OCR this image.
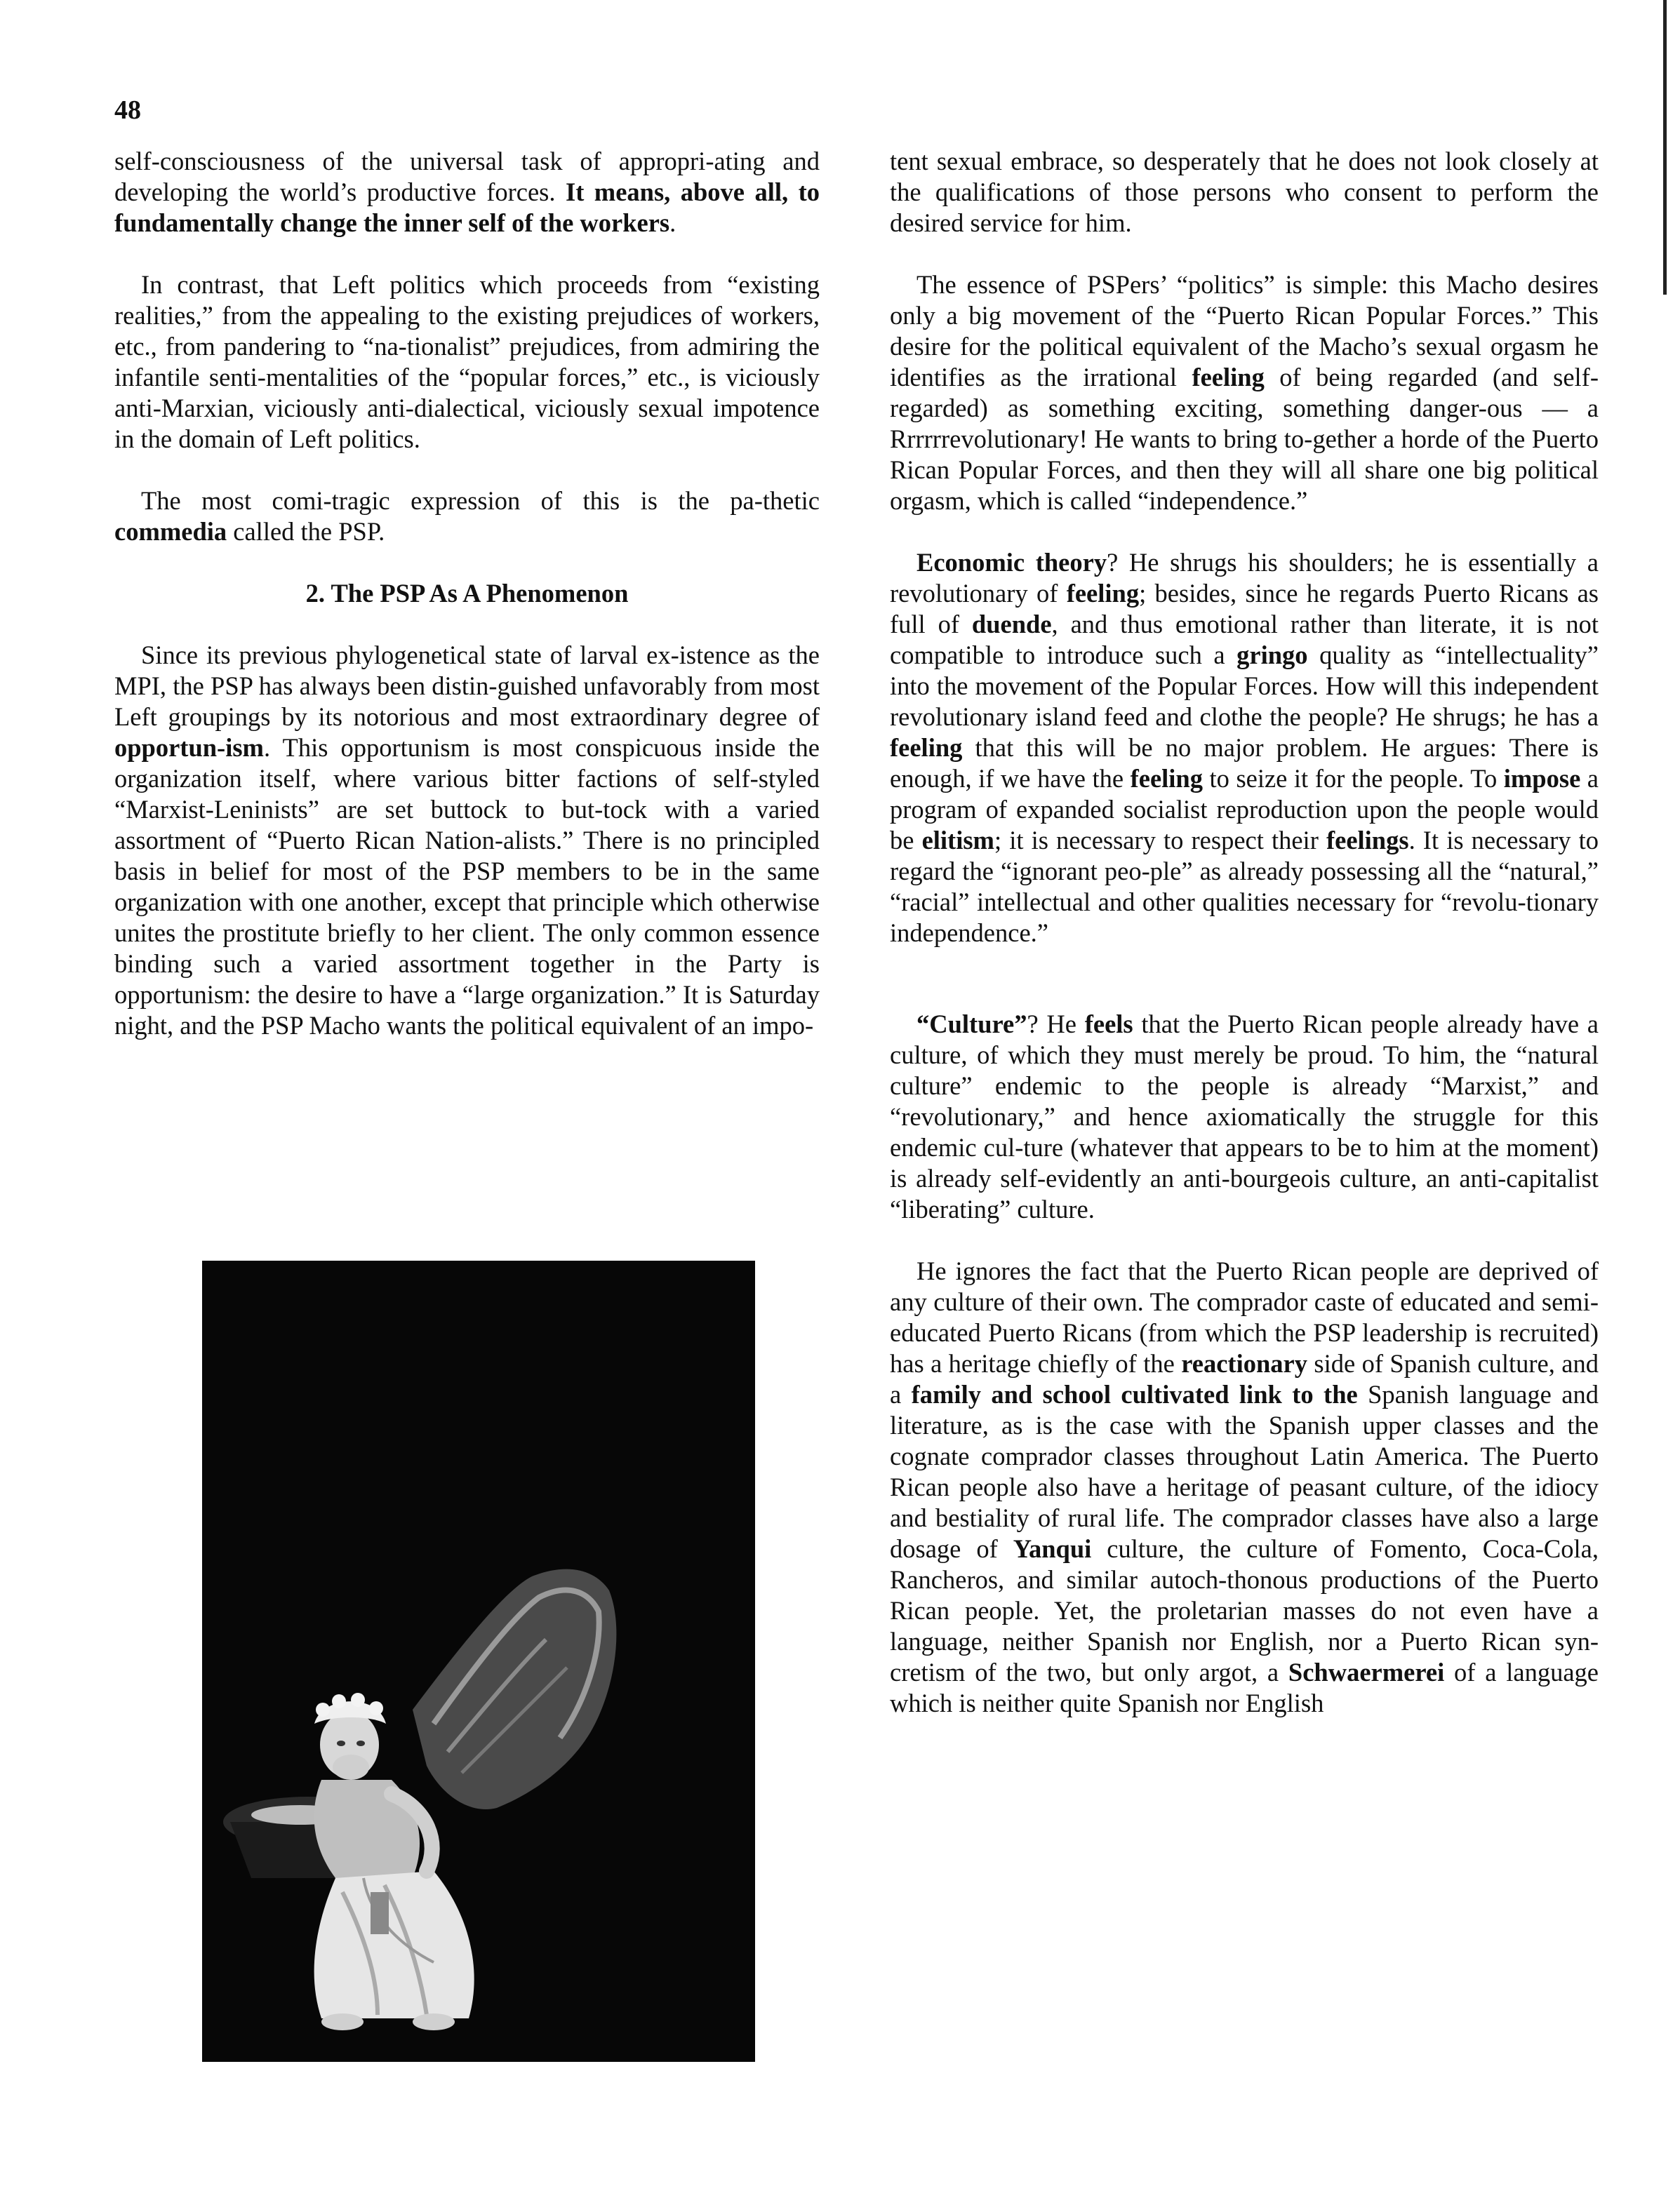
48

self-consciousness of the universal task of appropri-ating and developing the world’s productive forces. It means, above all, to fundamentally change the inner self of the workers.

In contrast, that Left politics which proceeds from “existing realities,” from the appealing to the existing prejudices of workers, etc., from pandering to “na-tionalist” prejudices, from admiring the infantile senti-mentalities of the “popular forces,” etc., is viciously anti-Marxian, viciously anti-dialectical, viciously sexual impotence in the domain of Left politics.

The most comi-tragic expression of this is the pa-thetic commedia called the PSP.

2. The PSP As A Phenomenon

Since its previous phylogenetical state of larval ex-istence as the MPI, the PSP has always been distin-guished unfavorably from most Left groupings by its notorious and most extraordinary degree of opportun-ism. This opportunism is most conspicuous inside the organization itself, where various bitter factions of self-styled “Marxist-Leninists” are set buttock to but-tock with a varied assortment of “Puerto Rican Nation-alists.” There is no principled basis in belief for most of the PSP members to be in the same organization with one another, except that principle which otherwise unites the prostitute briefly to her client. The only common essence binding such a varied assortment together in the Party is opportunism: the desire to have a “large organization.” It is Saturday night, and the PSP Macho wants the political equivalent of an impo-

tent sexual embrace, so desperately that he does not look closely at the qualifications of those persons who consent to perform the desired service for him.

The essence of PSPers’ “politics” is simple: this Macho desires only a big movement of the “Puerto Rican Popular Forces.” This desire for the political equivalent of the Macho’s sexual orgasm he identifies as the irrational feeling of being regarded (and self-regarded) as something exciting, something danger-ous — a Rrrrrrevolutionary! He wants to bring to-gether a horde of the Puerto Rican Popular Forces, and then they will all share one big political orgasm, which is called “independence.”

Economic theory? He shrugs his shoulders; he is essentially a revolutionary of feeling; besides, since he regards Puerto Ricans as full of duende, and thus emotional rather than literate, it is not compatible to introduce such a gringo quality as “intellectuality” into the movement of the Popular Forces. How will this independent revolutionary island feed and clothe the people? He shrugs; he has a feeling that this will be no major problem. He argues: There is enough, if we have the feeling to seize it for the people. To impose a program of expanded socialist reproduction upon the people would be elitism; it is necessary to respect their feelings. It is necessary to regard the “ignorant peo-ple” as already possessing all the “natural,” “racial” intellectual and other qualities necessary for “revolu-tionary independence.”

“Culture”? He feels that the Puerto Rican people already have a culture, of which they must merely be proud. To him, the “natural culture” endemic to the people is already “Marxist,” and “revolutionary,” and hence axiomatically the struggle for this endemic cul-ture (whatever that appears to be to him at the moment) is already self-evidently an anti-bourgeois culture, an anti-capitalist “liberating” culture.

He ignores the fact that the Puerto Rican people are deprived of any culture of their own. The comprador caste of educated and semi-educated Puerto Ricans (from which the PSP leadership is recruited) has a heritage chiefly of the reactionary side of Spanish culture, and a family and school cultivated link to the Spanish language and literature, as is the case with the Spanish upper classes and the cognate comprador classes throughout Latin America. The Puerto Rican people also have a heritage of peasant culture, of the idiocy and bestiality of rural life. The comprador classes have also a large dosage of Yanqui culture, the culture of Fomento, Coca-Cola, Rancheros, and similar autoch-thonous productions of the Puerto Rican people. Yet, the proletarian masses do not even have a language, neither Spanish nor English, nor a Puerto Rican syn-cretism of the two, but only argot, a Schwaermerei of a language which is neither quite Spanish nor English
